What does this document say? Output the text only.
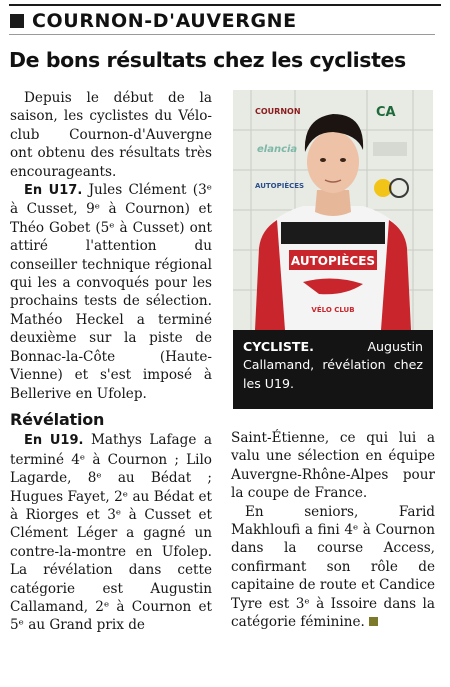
COURNON-D'AUVERGNE
De bons résultats chez les cyclistes

Depuis le début de la saison, les cyclistes du Vélo-club Cournon-d'Auvergne ont obtenu des résultats très encourageants.

En U17. Jules Clément (3ᵉ à Cusset, 9ᵉ à Cournon) et Théo Gobet (5ᵉ à Cusset) ont attiré l'attention du conseiller technique régional qui les a convoqués pour les prochains tests de sélection. Mathéo Heckel a terminé deuxième sur la piste de Bonnac-la-Côte (Haute-Vienne) et s'est imposé à Bellerive en Ufolep.

Révélation

En U19. Mathys Lafage a terminé 4ᵉ à Cournon ; Lilo Lagarde, 8ᵉ au Bédat ; Hugues Fayet, 2ᵉ au Bédat et à Riorges et 3ᵉ à Cusset et Clément Léger a gagné un contre-la-montre en Ufolep. La révélation dans cette catégorie est Augustin Callamand, 2ᵉ à Cournon et 5ᵉ au Grand prix de

COURNON	CA
elancia
AUTOPIÈCES
AUTOPIÈCES
VÉLO CLUB
CYCLISTE.	Augustin Callamand, révélation chez les U19.

Saint-Étienne, ce qui lui a valu une sélection en équipe Auvergne-Rhône-Alpes pour la coupe de France.

En seniors, Farid Makhloufi a fini 4ᵉ à Cournon dans la course Access, confirmant son rôle de capitaine de route et Candice Tyre est 3ᵉ à Issoire dans la catégorie féminine.
